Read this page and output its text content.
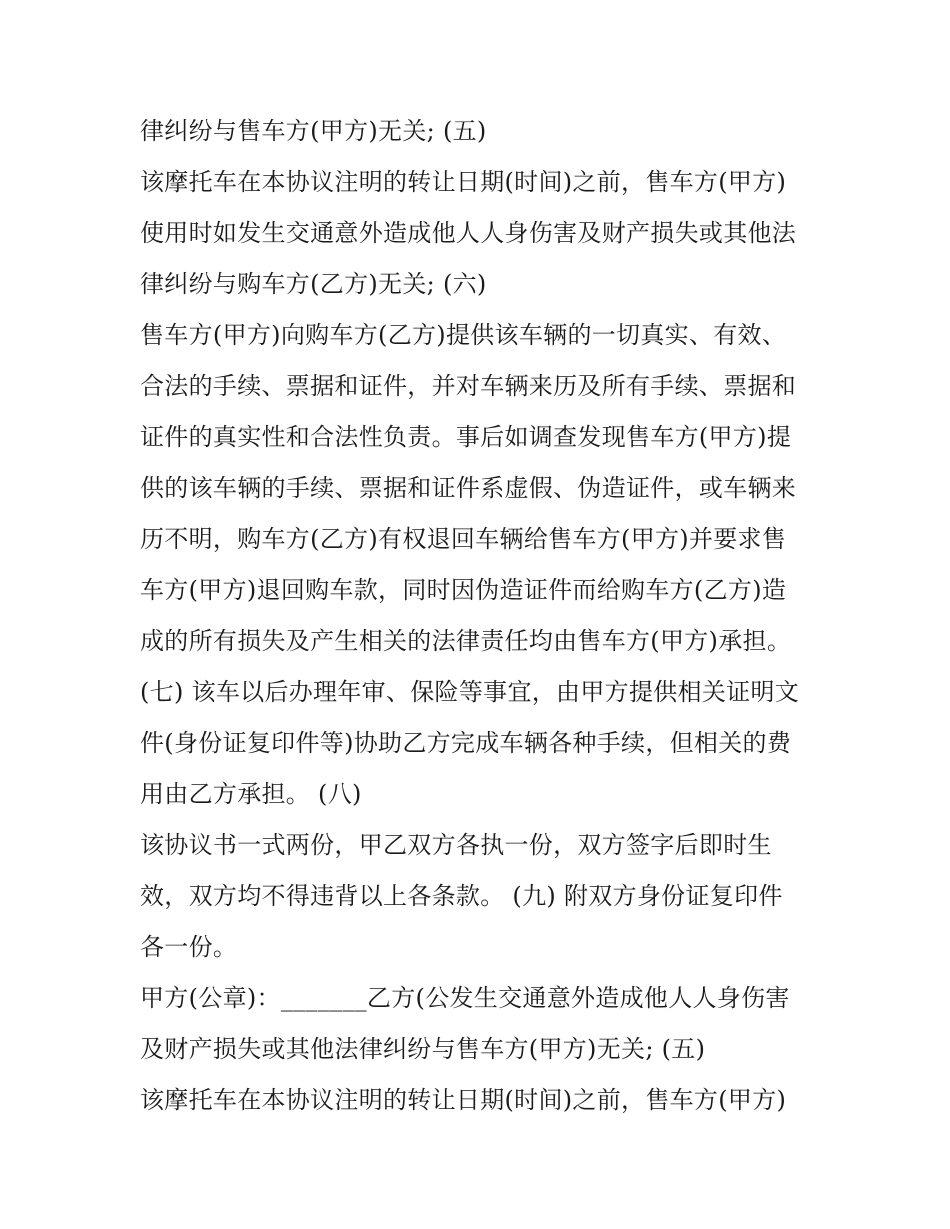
律纠纷与售车方(甲方)无关; (五)
该摩托车在本协议注明的转让日期(时间)之前，售车方(甲方)
使用时如发生交通意外造成他人人身伤害及财产损失或其他法
律纠纷与购车方(乙方)无关; (六)
售车方(甲方)向购车方(乙方)提供该车辆的一切真实、有效、
合法的手续、票据和证件，并对车辆来历及所有手续、票据和
证件的真实性和合法性负责。事后如调查发现售车方(甲方)提
供的该车辆的手续、票据和证件系虚假、伪造证件，或车辆来
历不明，购车方(乙方)有权退回车辆给售车方(甲方)并要求售
车方(甲方)退回购车款，同时因伪造证件而给购车方(乙方)造
成的所有损失及产生相关的法律责任均由售车方(甲方)承担。
(七) 该车以后办理年审、保险等事宜，由甲方提供相关证明文
件(身份证复印件等)协助乙方完成车辆各种手续，但相关的费
用由乙方承担。 (八)
该协议书一式两份，甲乙双方各执一份，双方签字后即时生
效，双方均不得违背以上各条款。 (九) 附双方身份证复印件
各一份。
甲方(公章)：_______乙方(公发生交通意外造成他人人身伤害
及财产损失或其他法律纠纷与售车方(甲方)无关; (五)
该摩托车在本协议注明的转让日期(时间)之前，售车方(甲方)
